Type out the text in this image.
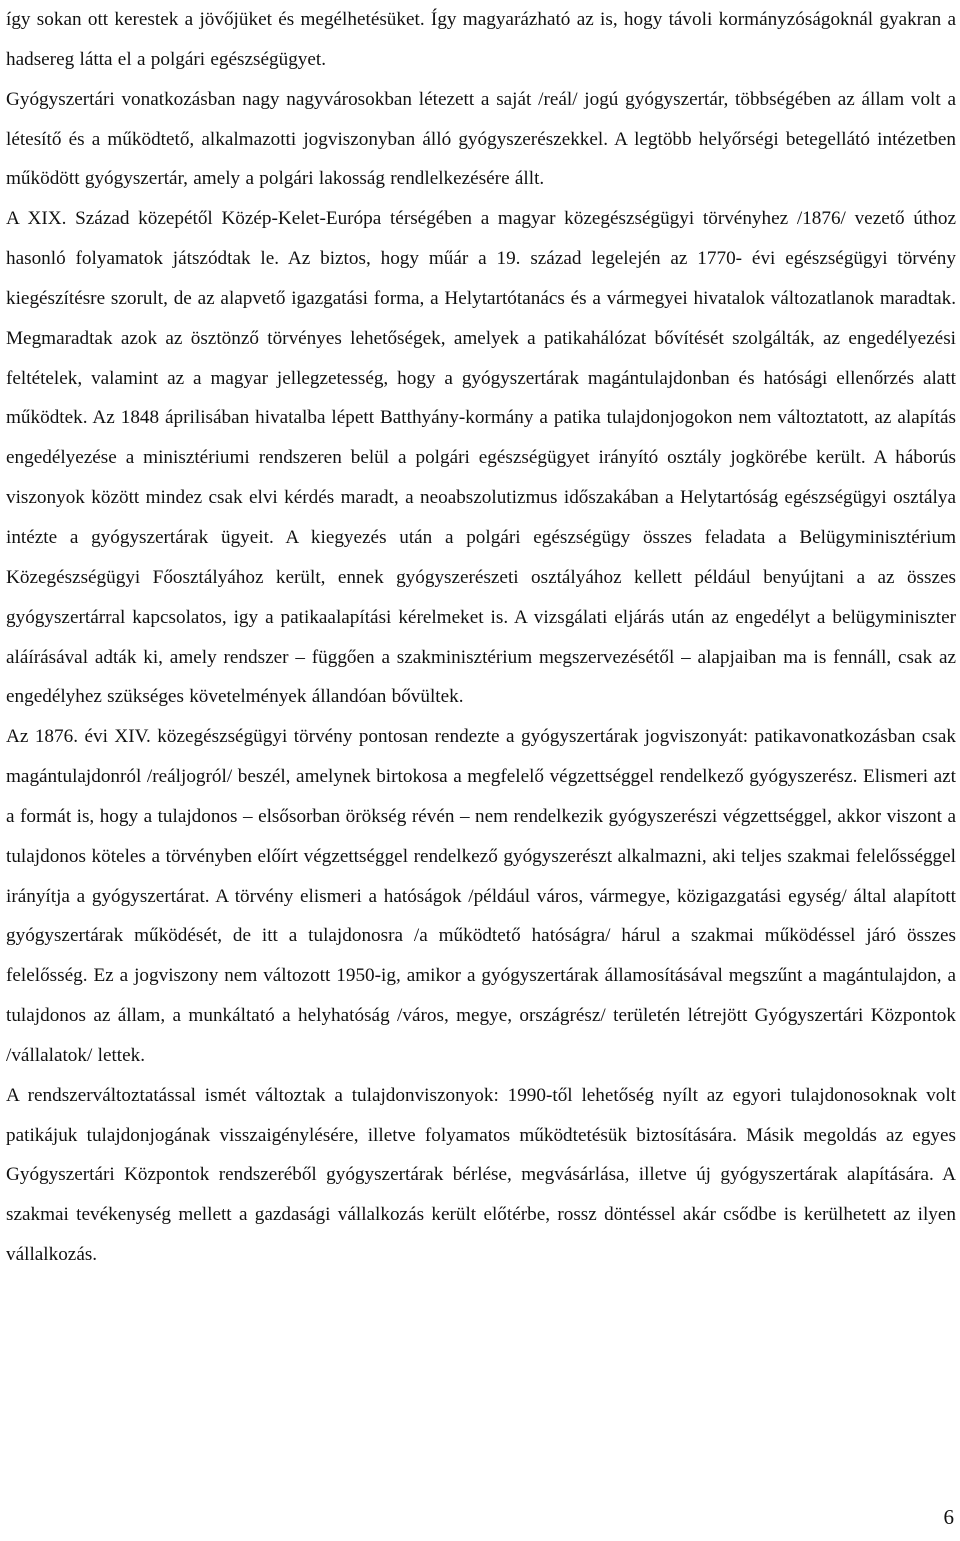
így sokan ott kerestek a jövőjüket és megélhetésüket. Így magyarázható az is, hogy távoli kormányzóságoknál gyakran a hadsereg látta el a polgári egészségügyet.

Gyógyszertári vonatkozásban nagy nagyvárosokban létezett a saját /reál/ jogú gyógyszertár, többségében az állam volt a létesítő és a működtető, alkalmazotti jogviszonyban álló gyógyszerészekkel. A legtöbb helyőrségi betegellátó intézetben működött gyógyszertár, amely a polgári lakosság rendlelkezésére állt.

A XIX. Század közepétől Közép-Kelet-Európa térségében a magyar közegészségügyi törvényhez /1876/ vezető úthoz hasonló folyamatok játszódtak le. Az biztos, hogy műár a 19. század legelején az 1770- évi egészségügyi törvény kiegészítésre szorult, de az alapvető igazgatási forma, a Helytartótanács és a vármegyei hivatalok változatlanok maradtak. Megmaradtak azok az ösztönző törvényes lehetőségek, amelyek a patikahálózat bővítését szolgálták, az engedélyezési feltételek, valamint az a magyar jellegzetesség, hogy a gyógyszertárak magántulajdonban és hatósági ellenőrzés alatt működtek. Az 1848 áprilisában hivatalba lépett Batthyány-kormány a patika tulajdonjogokon nem változtatott, az alapítás engedélyezése a minisztériumi rendszeren belül a polgári egészségügyet irányító osztály jogkörébe került. A háborús viszonyok között mindez csak elvi kérdés maradt, a neoabszolutizmus időszakában a Helytartóság egészségügyi osztálya intézte a gyógyszertárak ügyeit. A kiegyezés után a polgári egészségügy összes feladata a Belügyminisztérium Közegészségügyi Főosztályához került, ennek gyógyszerészeti osztályához kellett például benyújtani a az összes gyógyszertárral kapcsolatos, igy a patikaalapítási kérelmeket is. A vizsgálati eljárás után az engedélyt a belügyminiszter aláírásával adták ki, amely rendszer – függően a szakminisztérium megszervezésétől – alapjaiban ma is fennáll, csak az engedélyhez szükséges követelmények állandóan bővültek.

Az 1876. évi XIV. közegészségügyi törvény pontosan rendezte a gyógyszertárak jogviszonyát: patikavonatkozásban csak magántulajdonról /reáljogról/ beszél, amelynek birtokosa a megfelelő végzettséggel rendelkező gyógyszerész. Elismeri azt a formát is, hogy a tulajdonos – elsősorban örökség révén – nem rendelkezik gyógyszerészi végzettséggel, akkor viszont a tulajdonos köteles a törvényben előírt végzettséggel rendelkező gyógyszerészt alkalmazni, aki teljes szakmai felelősséggel irányítja a gyógyszertárat. A törvény elismeri a hatóságok /például város, vármegye, közigazgatási egység/ által alapított gyógyszertárak működését, de itt a tulajdonosra /a működtető hatóságra/ hárul a szakmai működéssel járó összes felelősség. Ez a jogviszony nem változott 1950-ig, amikor a gyógyszertárak államosításával megszűnt a magántulajdon, a tulajdonos az állam, a munkáltató a helyhatóság /város, megye, országrész/ területén létrejött Gyógyszertári Központok /vállalatok/ lettek.

A rendszerváltoztatással ismét változtak a tulajdonviszonyok: 1990-től lehetőség nyílt az egyori tulajdonosoknak volt patikájuk tulajdonjogának visszaigénylésére, illetve folyamatos működtetésük biztosítására. Másik megoldás az egyes Gyógyszertári Központok rendszeréből gyógyszertárak bérlése, megvásárlása, illetve új gyógyszertárak alapítására. A szakmai tevékenység mellett a gazdasági vállalkozás került előtérbe, rossz döntéssel akár csődbe is kerülhetett az ilyen vállalkozás.

6
